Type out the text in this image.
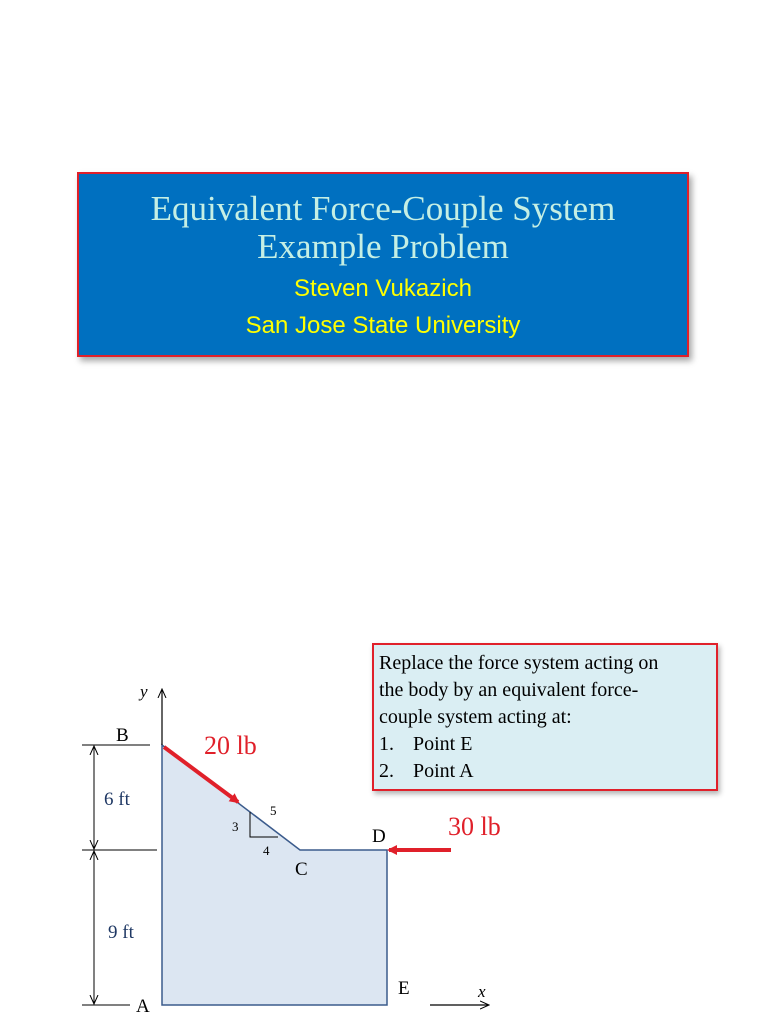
Equivalent Force-Couple System
Example Problem
Steven Vukazich
San Jose State University
Replace the force system acting on
the body by an equivalent force-
couple system acting at:
1. Point E
2. Point A
y
x
6 ft
9 ft
B
C
D
E
A
3
4
5
20 lb
30 lb
